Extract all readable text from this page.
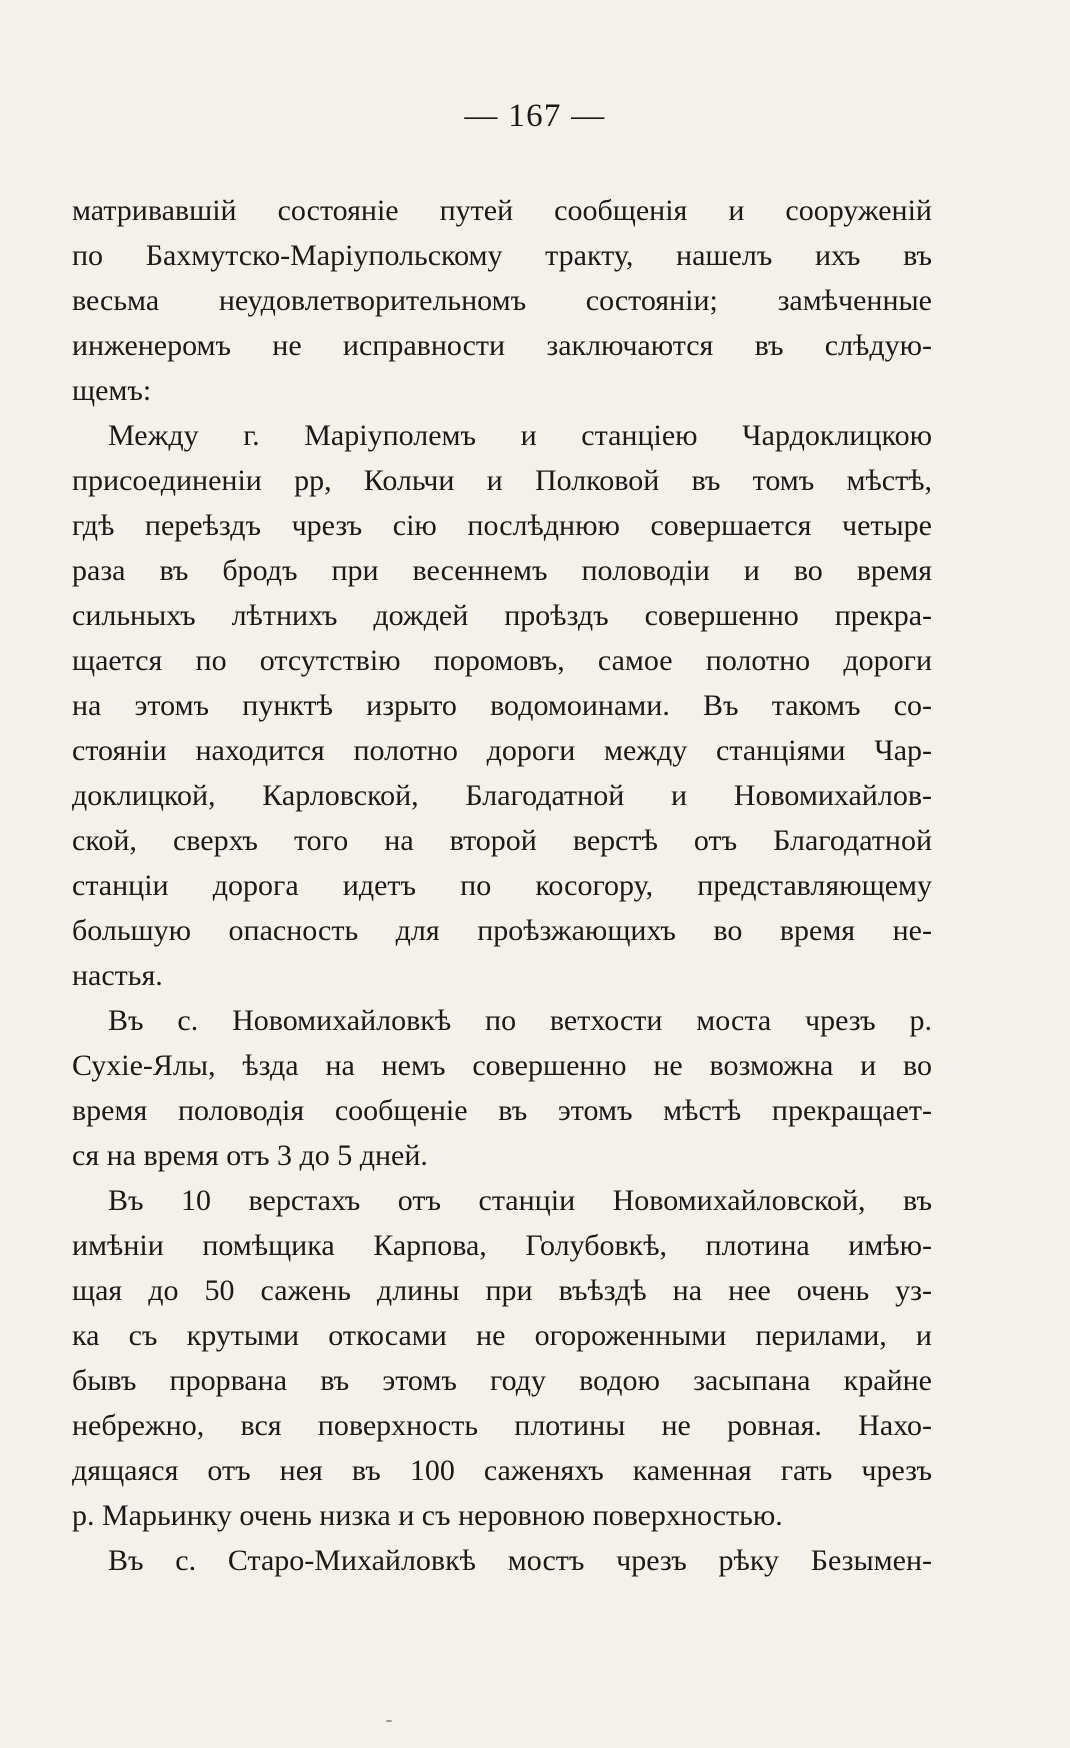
— 167 —
матривавшій состоянiе путей сообщенія и сооруженій
по Бахмутско-Маріупольскому тракту, нашелъ ихъ въ
весьма неудовлетворительномъ состояніи; замѣченные
инженеромъ не исправности заключаются въ слѣдую-
щемъ:
Между г. Маріуполемъ и станціею Чардоклицкою
присоединеніи рр, Кольчи и Полковой въ томъ мѣстѣ,
гдѣ переѣздъ чрезъ сію послѣднюю совершается четыре
раза въ бродъ при весеннемъ половодіи и во время
сильныхъ лѣтнихъ дождей проѣздъ совершенно прекра-
щается по отсутствію поромовъ, самое полотно дороги
на этомъ пунктѣ изрыто водомоинами. Въ такомъ со-
стояніи находится полотно дороги между станціями Чар-
доклицкой, Карловской, Благодатной и Новомихайлов-
ской, сверхъ того на второй верстѣ отъ Благодатной
станціи дорога идетъ по косогору, представляющему
большую опасность для проѣзжающихъ во время не-
настья.
Въ с. Новомихайловкѣ по ветхости моста чрезъ р.
Сухіе-Ялы, ѣзда на немъ совершенно не возможна и во
время половодія сообщеніе въ этомъ мѣстѣ прекращает-
ся на время отъ 3 до 5 дней.
Въ 10 верстахъ отъ станціи Новомихайловской, въ
имѣніи помѣщика Карпова, Голубовкѣ, плотина имѣю-
щая до 50 сажень длины при въѣздѣ на нее очень уз-
ка съ крутыми откосами не огороженными перилами, и
бывъ прорвана въ этомъ году водою засыпана крайне
небрежно, вся поверхность плотины не ровная. Нахо-
дящаяся отъ нея въ 100 саженяхъ каменная гать чрезъ
р. Марьинку очень низка и съ неровною поверхностью.
Въ с. Старо-Михайловкѣ мостъ чрезъ рѣку Безымен-
